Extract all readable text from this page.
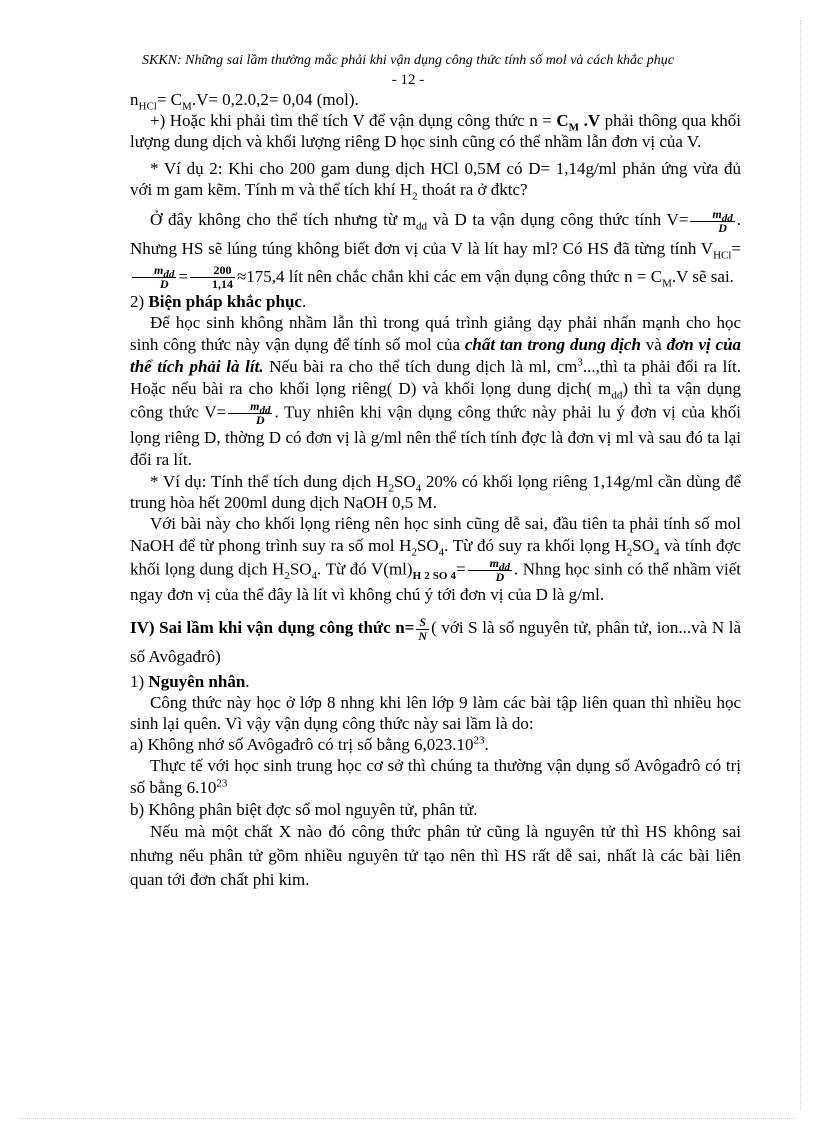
SKKN: Những sai lầm thường mắc phải khi vận dụng công thức tính số mol và cách khắc phục
- 12 -

$n_{HCl}= C_M.V= 0,2.0,2= 0,04$ (mol).

+) Hoặc khi phải tìm thể tích V để vận dụng công thức $n = C_M$ .V phải thông qua khối lượng dung dịch và khối lượng riêng D học sinh cũng có thể nhầm lẫn đơn vị của V.

* Ví dụ 2: Khi cho 200 gam dung dịch HCl 0,5M có D= 1,14g/ml phản ứng vừa đủ với m gam kẽm. Tính m và thể tích khí $H_2$ thoát ra ở đktc?

Ở đây không cho thể tích nhưng từ $m_{dd}$ và D ta vận dụng công thức tính $V= \frac{m_{dd}}{D}$ . Nhưng HS sẽ lúng túng không biết đơn vị của V là lít hay ml? Có HS đã từng tính $V_{HCl}=$
$\frac{m_{dd}}{D} = \frac{200}{1,14} \approx 175,4$ lít nên chắc chắn khi các em vận dụng công thức $n = C_M.V$ sẽ sai.

2) Biện pháp khắc phục.

Để học sinh không nhầm lẫn thì trong quá trình giảng dạy phải nhấn mạnh cho học sinh công thức này vận dụng để tính số mol của chất tan trong dung dịch và đơn vị của thể tích phải là lít. Nếu bài ra cho thể tích dung dịch là ml, $cm^3...,thì$ ta phải đổi ra lít. Hoặc nếu bài ra cho khối lọng riêng( D) và khối lọng dung dịch( $m_{dd}$) thì ta vận dụng công thức $V= \frac{m_{dd}}{D}$ . Tuy nhiên khi vận dụng công thức này phải lu ý đơn vị của khối lọng riêng D, thờng D có đơn vị là g/ml nên thể tích tính đợc là đơn vị ml và sau đó ta lại đổi ra lít.

* Ví dụ: Tính thể tích dung dịch $H_2SO_4$ 20% có khối lọng riêng 1,14g/ml cần dùng để trung hòa hết 200ml dung dịch NaOH 0,5 M.

Với bài này cho khối lọng riêng nên học sinh cũng dễ sai, đầu tiên ta phải tính số mol NaOH để từ phong trình suy ra số mol $H_2SO_4$. Từ đó suy ra khối lọng $H_2SO_4$ và tính đợc khối lọng dung dịch $H_2SO_4$. Từ đó $V(ml)_{H 2 SO 4}= \frac{m_{dd}}{D}$ . Nhng học sinh có thể nhầm viết ngay đơn vị của thể đây là lít vì không chú ý tới đơn vị của D là g/ml.

IV) Sai lầm khi vận dụng công thức $n= \frac{S}{N}$ ( với S là số nguyên tử, phân tử, ion...và N là số Avôgađrô)

1) Nguyên nhân.

Công thức này học ở lớp 8 nhng khi lên lớp 9 làm các bài tập liên quan thì nhiều học sinh lại quên. Vì vậy vận dụng công thức này sai lầm là do:

a) Không nhớ số Avôgađrô có trị số bằng 6,023.10$^{23}$.

Thực tế với học sinh trung học cơ sở thì chúng ta thường vận dụng số Avôgađrô có trị số bằng 6.10$^{23}$

b) Không phân biệt đợc số mol nguyên tử, phân tử.

Nếu mà một chất X nào đó công thức phân tử cũng là nguyên tử thì HS không sai nhưng nếu phân tử gồm nhiều nguyên tử tạo nên thì HS rất dễ sai, nhất là các bài liên quan tới đơn chất phi kim.
